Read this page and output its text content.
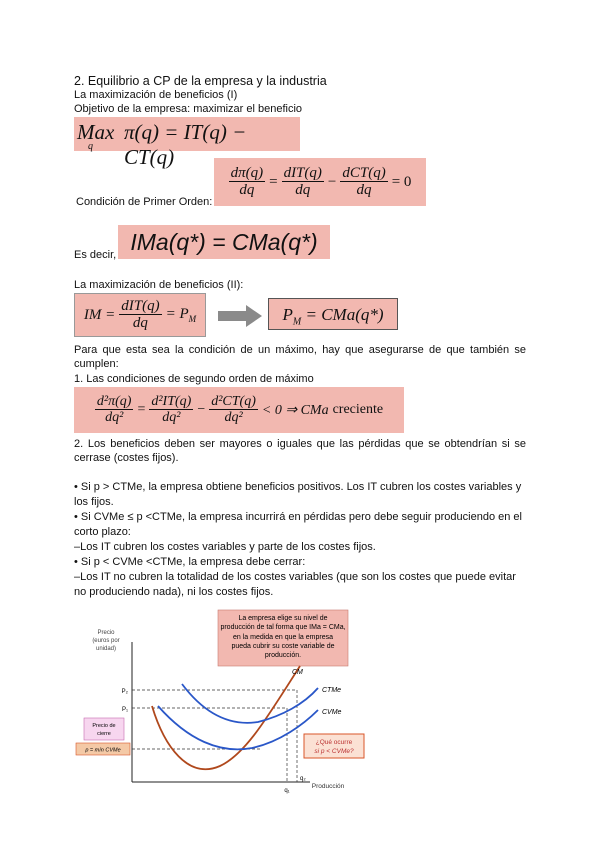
2. Equilibrio a CP de la empresa y la industria
La maximización de beneficios (I)
Objetivo de la empresa: maximizar el beneficio
Max
q
π(q) = IT(q) − CT(q)
$\frac{d\pi(q)}{dq} = \frac{\text{dIT(q)}}{dq} - \frac{\text{dCT(q)}}{dq} = 0$
Condición de Primer Orden:
Es decir, IMa(q*) = CMa(q*)
La maximización de beneficios (II):
IM = $\frac{\text{dIT(q)}}{dq} = P_M$	$P_M = CMa(q*)$
Para que esta sea la condición de un máximo, hay que asegurarse de que también se cumplen:
1. Las condiciones de segundo orden de máximo
$\frac{\text{d²π(q)}}{\text{dq²}} = \frac{\text{d²IT(q)}}{\text{dq²}} - \frac{\text{d²CT(q)}}{\text{dq²}} < 0$ ⇒ CMa creciente
2. Los beneficios deben ser mayores o iguales que las pérdidas que se obtendrían si se cerrase (costes fijos).
• Si p > CTMe, la empresa obtiene beneficios positivos. Los IT cubren los costes variables y
los fijos.
• Si CVMe ≤ p <CTMe, la empresa incurrirá en pérdidas pero debe seguir produciendo en el
corto plazo:
–Los IT cubren los costes variables y parte de los costes fijos.
• Si p < CVMe <CTMe, la empresa debe cerrar:
–Los IT no cubren la totalidad de los costes variables (que son los costes que puede evitar
no produciendo nada), ni los costes fijos.
La empresa elige su nivel de
producción de tal forma que IMa = CMa,
en la medida en que la empresa
pueda cubrir su coste variable de
producción.
Precio
(euros por
unidad)
Producción
P₂
P₁
q₁
q₂
CM
CTMe
CVMe
Precio de
cierre
p = mín CVMe
¿Qué ocurre
si p < CVMe?
